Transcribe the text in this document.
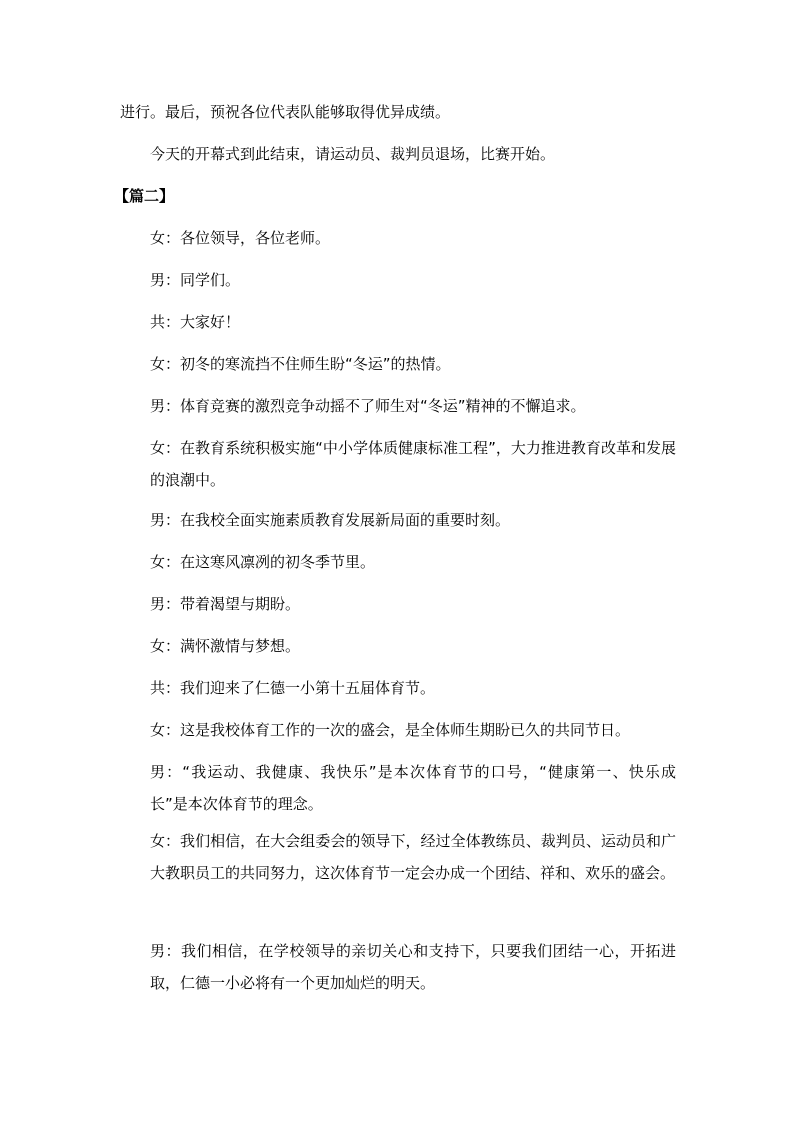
进行。最后，预祝各位代表队能够取得优异成绩。
今天的开幕式到此结束，请运动员、裁判员退场，比赛开始。
【篇二】
女：各位领导，各位老师。
男：同学们。
共：大家好！
女：初冬的寒流挡不住师生盼“冬运”的热情。
男：体育竞赛的激烈竞争动摇不了师生对“冬运”精神的不懈追求。
女：在教育系统积极实施“中小学体质健康标准工程”，大力推进教育改革和发展的浪潮中。
男：在我校全面实施素质教育发展新局面的重要时刻。
女：在这寒风凛冽的初冬季节里。
男：带着渴望与期盼。
女：满怀激情与梦想。
共：我们迎来了仁德一小第十五届体育节。
女：这是我校体育工作的一次的盛会，是全体师生期盼已久的共同节日。
男：“我运动、我健康、我快乐”是本次体育节的口号，“健康第一、快乐成长”是本次体育节的理念。
女：我们相信，在大会组委会的领导下，经过全体教练员、裁判员、运动员和广大教职员工的共同努力，这次体育节一定会办成一个团结、祥和、欢乐的盛会。
男：我们相信，在学校领导的亲切关心和支持下，只要我们团结一心，开拓进取，仁德一小必将有一个更加灿烂的明天。
